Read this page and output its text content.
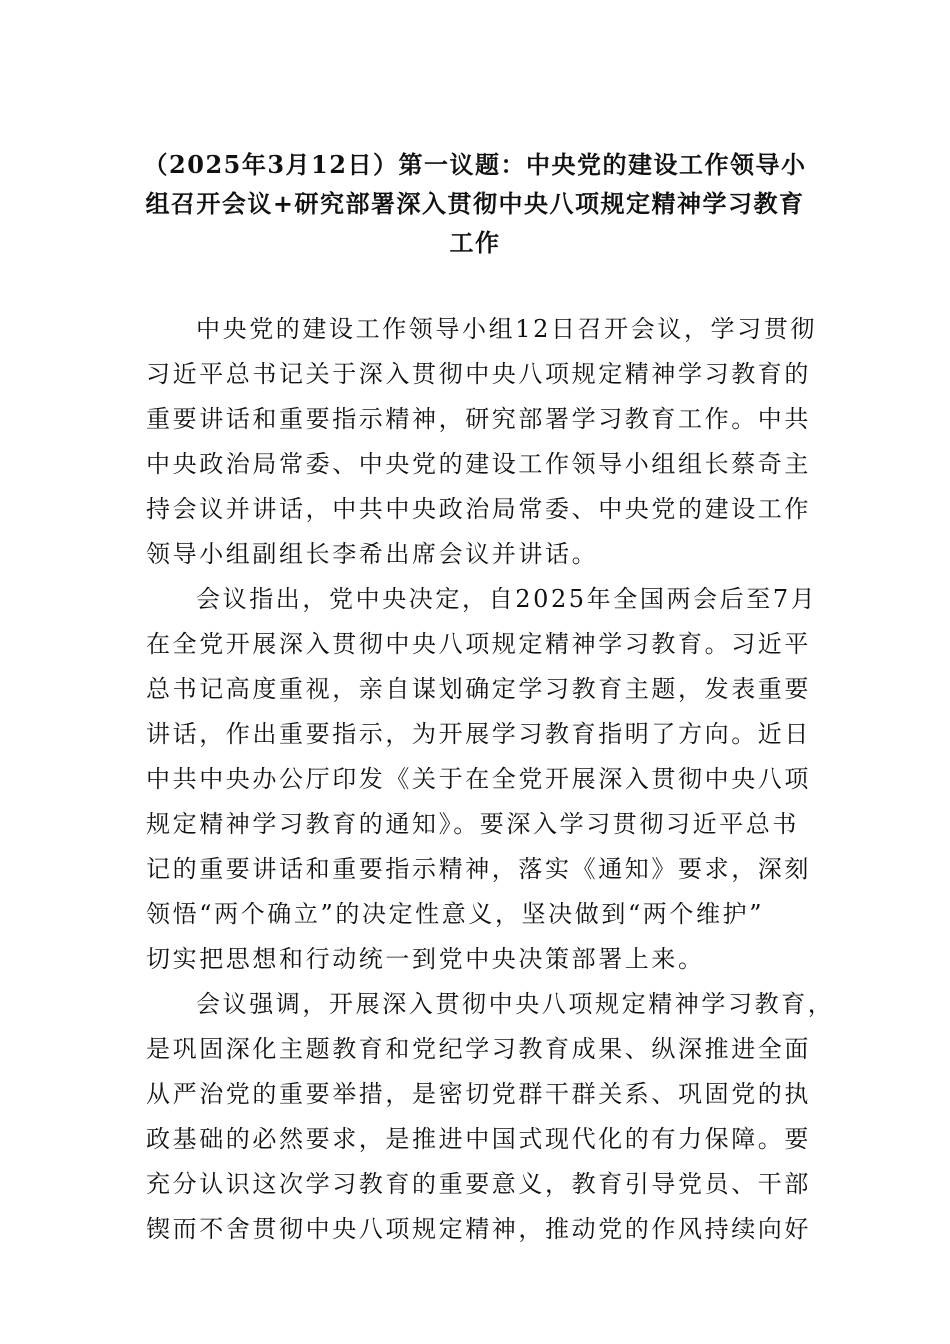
（2025年3月12日）第一议题：中央党的建设工作领导小
组召开会议+研究部署深入贯彻中央八项规定精神学习教育
工作
中央党的建设工作领导小组12日召开会议，学习贯彻
习近平总书记关于深入贯彻中央八项规定精神学习教育的
重要讲话和重要指示精神，研究部署学习教育工作。中共
中央政治局常委、中央党的建设工作领导小组组长蔡奇主
持会议并讲话，中共中央政治局常委、中央党的建设工作
领导小组副组长李希出席会议并讲话。
会议指出，党中央决定，自2025年全国两会后至7月
在全党开展深入贯彻中央八项规定精神学习教育。习近平
总书记高度重视，亲自谋划确定学习教育主题，发表重要
讲话，作出重要指示，为开展学习教育指明了方向。近日
中共中央办公厅印发《关于在全党开展深入贯彻中央八项
规定精神学习教育的通知》。要深入学习贯彻习近平总书
记的重要讲话和重要指示精神，落实《通知》要求，深刻
领悟“两个确立”的决定性意义，坚决做到“两个维护”
切实把思想和行动统一到党中央决策部署上来。
会议强调，开展深入贯彻中央八项规定精神学习教育，
是巩固深化主题教育和党纪学习教育成果、纵深推进全面
从严治党的重要举措，是密切党群干群关系、巩固党的执
政基础的必然要求，是推进中国式现代化的有力保障。要
充分认识这次学习教育的重要意义，教育引导党员、干部
锲而不舍贯彻中央八项规定精神，推动党的作风持续向好
